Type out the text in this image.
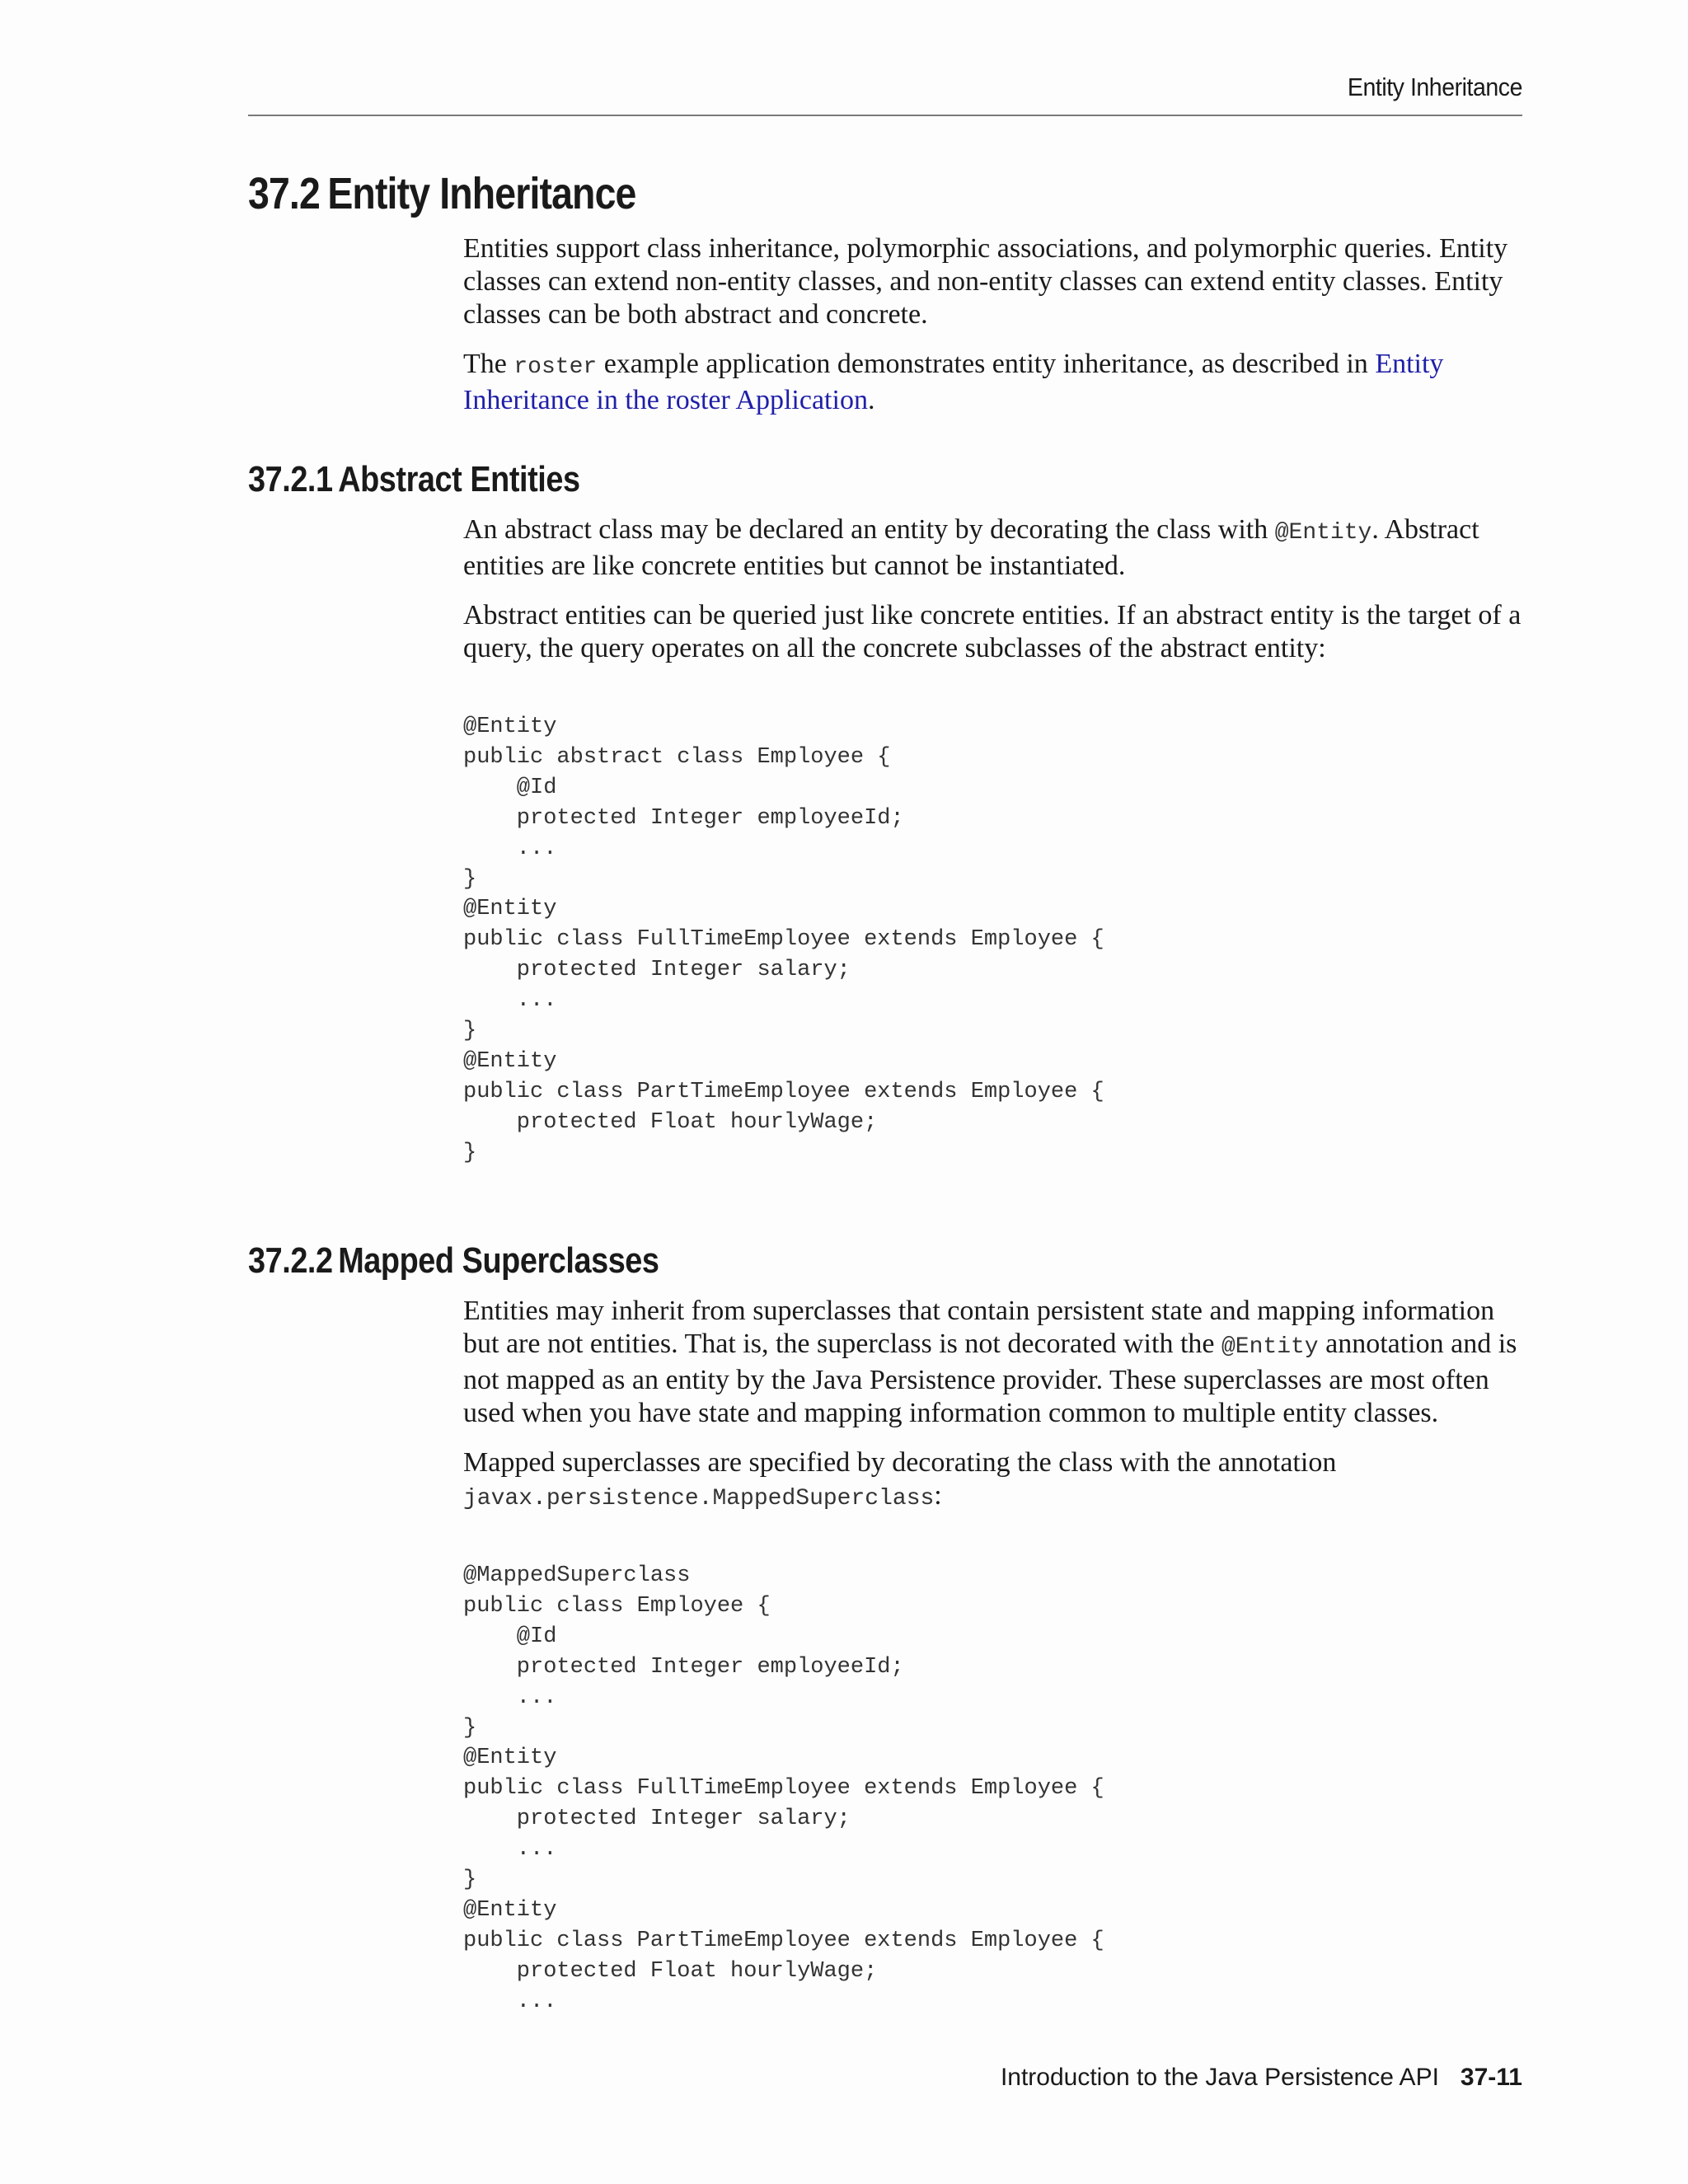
Entity Inheritance
37.2 Entity Inheritance

Entities support class inheritance, polymorphic associations, and polymorphic queries. Entity classes can extend non-entity classes, and non-entity classes can extend entity classes. Entity classes can be both abstract and concrete.

The roster example application demonstrates entity inheritance, as described in Entity Inheritance in the roster Application.

37.2.1 Abstract Entities

An abstract class may be declared an entity by decorating the class with @Entity. Abstract entities are like concrete entities but cannot be instantiated.

Abstract entities can be queried just like concrete entities. If an abstract entity is the target of a query, the query operates on all the concrete subclasses of the abstract entity:

@Entity
public abstract class Employee {
@Id
protected Integer employeeId;
...
}
@Entity
public class FullTimeEmployee extends Employee {
protected Integer salary;
...
}
@Entity
public class PartTimeEmployee extends Employee {
protected Float hourlyWage;
}
37.2.2 Mapped Superclasses

Entities may inherit from superclasses that contain persistent state and mapping information but are not entities. That is, the superclass is not decorated with the @Entity annotation and is not mapped as an entity by the Java Persistence provider. These superclasses are most often used when you have state and mapping information common to multiple entity classes.

Mapped superclasses are specified by decorating the class with the annotation javax.persistence.MappedSuperclass:

@MappedSuperclass
public class Employee {
@Id
protected Integer employeeId;
...
}
@Entity
public class FullTimeEmployee extends Employee {
protected Integer salary;
...
}
@Entity
public class PartTimeEmployee extends Employee {
protected Float hourlyWage;
...
Introduction to the Java Persistence API 37-11
